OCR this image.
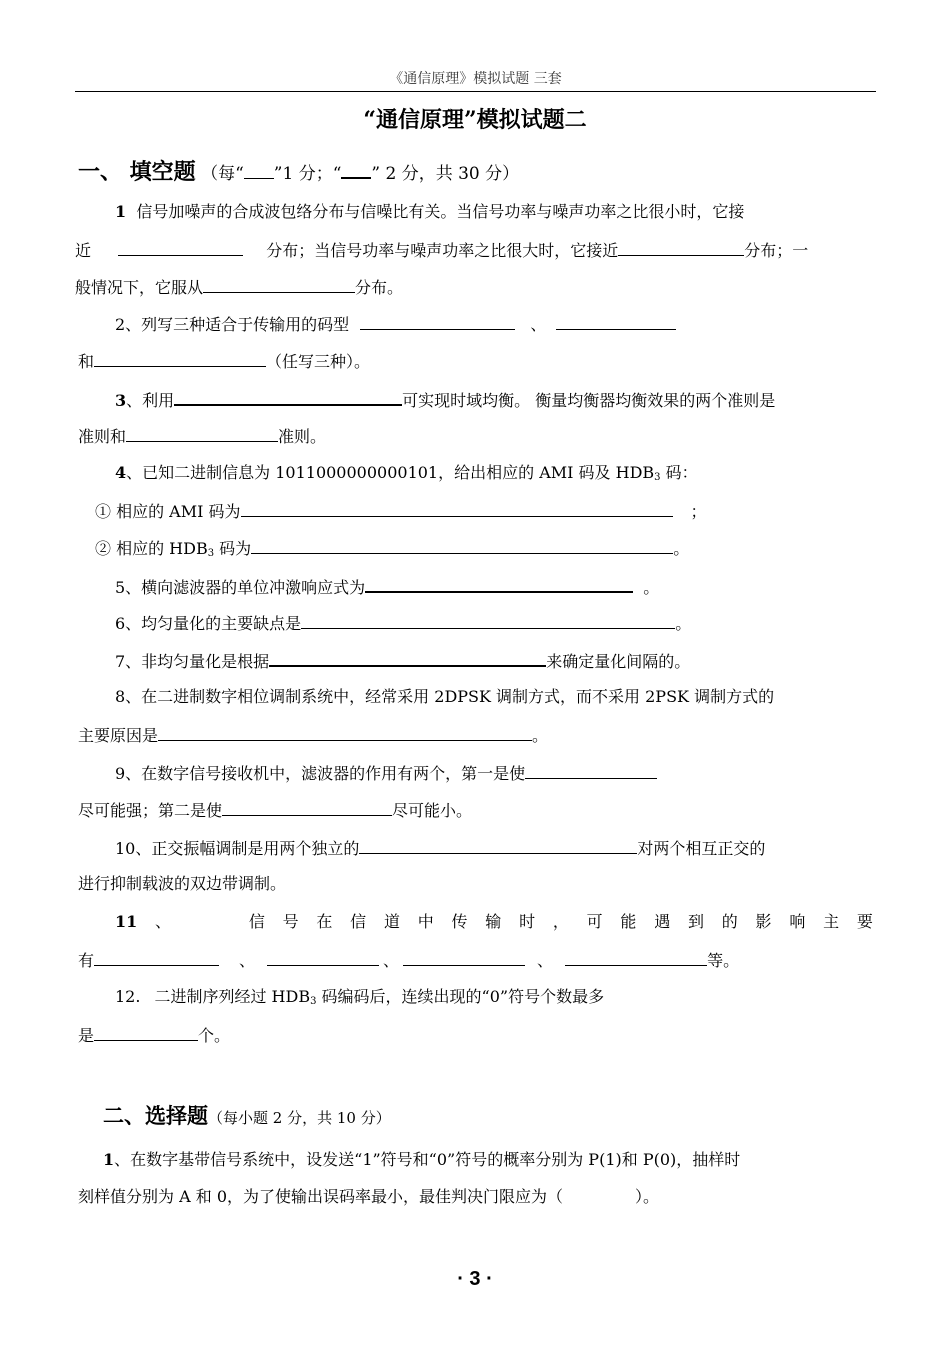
《通信原理》模拟试题 三套
“通信原理”模拟试题二
一、 填空题 （每“ ”1 分；“ ” 2 分，共 30 分）
1 信号加噪声的合成波包络分布与信噪比有关。当信号功率与噪声功率之比很小时，它接
近	分布；当信号功率与噪声功率之比很大时，它接近	分布；一
般情况下，它服从	分布。
2、列写三种适合于传输用的码型	、
和	（任写三种）。
3、利用	可实现时域均衡。 衡量均衡器均衡效果的两个准则是
准则和	准则。
4、已知二进制信息为 1011000000000101，给出相应的 AMI 码及 $HDB_3$ 码：
① 相应的 AMI 码为	；
② 相应的 $HDB_3$ 码为	。
5、横向滤波器的单位冲激响应式为	。
6、均匀量化的主要缺点是	。
7、非均匀量化是根据	来确定量化间隔的。
8、在二进制数字相位调制系统中，经常采用 2DPSK 调制方式，而不采用 2PSK 调制方式的
主要原因是	。
9、在数字信号接收机中，滤波器的作用有两个，第一是使
尽可能强；第二是使	尽可能小。
10、正交振幅调制是用两个独立的	对两个相互正交的
进行抑制载波的双边带调制。
11 、	信 号 在 信 道 中 传 输 时 ， 可 能 遇 到 的 影 响 主 要
有	、	、	、	等。
12. 二进制序列经过 $HDB_3$ 码编码后，连续出现的“0”符号个数最多
是	个。
二、选择题（每小题 2 分，共 10 分）
1、在数字基带信号系统中，设发送“1”符号和“0”符号的概率分别为 P(1)和 P(0)，抽样时
刻样值分别为 A 和 0，为了使输出误码率最小，最佳判决门限应为（	）。
· 3 ·
